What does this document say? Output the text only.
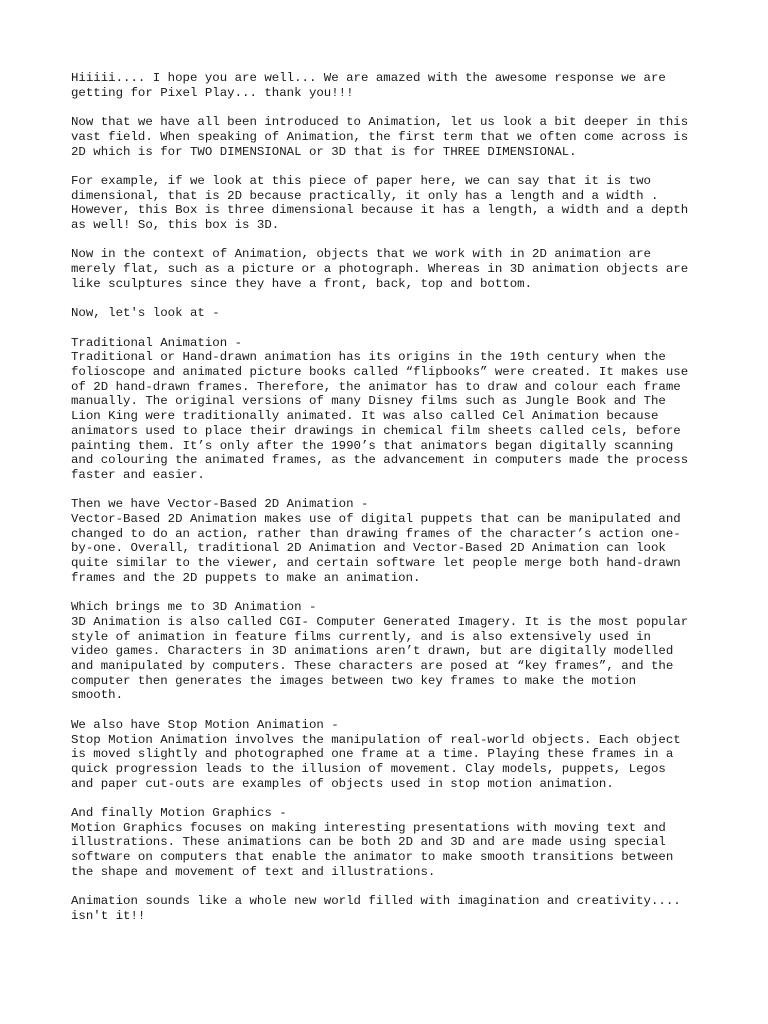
Hiiiii.... I hope you are well... We are amazed with the awesome response we are
getting for Pixel Play... thank you!!!
Now that we have all been introduced to Animation, let us look a bit deeper in this
vast field. When speaking of Animation, the first term that we often come across is
2D which is for TWO DIMENSIONAL or 3D that is for THREE DIMENSIONAL.
For example, if we look at this piece of paper here, we can say that it is two
dimensional, that is 2D because practically, it only has a length and a width .
However, this Box is three dimensional because it has a length, a width and a depth
as well! So, this box is 3D.
Now in the context of Animation, objects that we work with in 2D animation are
merely flat, such as a picture or a photograph. Whereas in 3D animation objects are
like sculptures since they have a front, back, top and bottom.
Now, let's look at -
Traditional Animation -
Traditional or Hand-drawn animation has its origins in the 19th century when the
folioscope and animated picture books called “flipbooks” were created. It makes use
of 2D hand-drawn frames. Therefore, the animator has to draw and colour each frame
manually. The original versions of many Disney films such as Jungle Book and The
Lion King were traditionally animated. It was also called Cel Animation because
animators used to place their drawings in chemical film sheets called cels, before
painting them. It’s only after the 1990’s that animators began digitally scanning
and colouring the animated frames, as the advancement in computers made the process
faster and easier.
Then we have Vector-Based 2D Animation -
Vector-Based 2D Animation makes use of digital puppets that can be manipulated and
changed to do an action, rather than drawing frames of the character’s action one-
by-one. Overall, traditional 2D Animation and Vector-Based 2D Animation can look
quite similar to the viewer, and certain software let people merge both hand-drawn
frames and the 2D puppets to make an animation.
Which brings me to 3D Animation -
3D Animation is also called CGI- Computer Generated Imagery. It is the most popular
style of animation in feature films currently, and is also extensively used in
video games. Characters in 3D animations aren’t drawn, but are digitally modelled
and manipulated by computers. These characters are posed at “key frames”, and the
computer then generates the images between two key frames to make the motion
smooth.
We also have Stop Motion Animation -
Stop Motion Animation involves the manipulation of real-world objects. Each object
is moved slightly and photographed one frame at a time. Playing these frames in a
quick progression leads to the illusion of movement. Clay models, puppets, Legos
and paper cut-outs are examples of objects used in stop motion animation.
And finally Motion Graphics -
Motion Graphics focuses on making interesting presentations with moving text and
illustrations. These animations can be both 2D and 3D and are made using special
software on computers that enable the animator to make smooth transitions between
the shape and movement of text and illustrations.
Animation sounds like a whole new world filled with imagination and creativity....
isn't it!!
